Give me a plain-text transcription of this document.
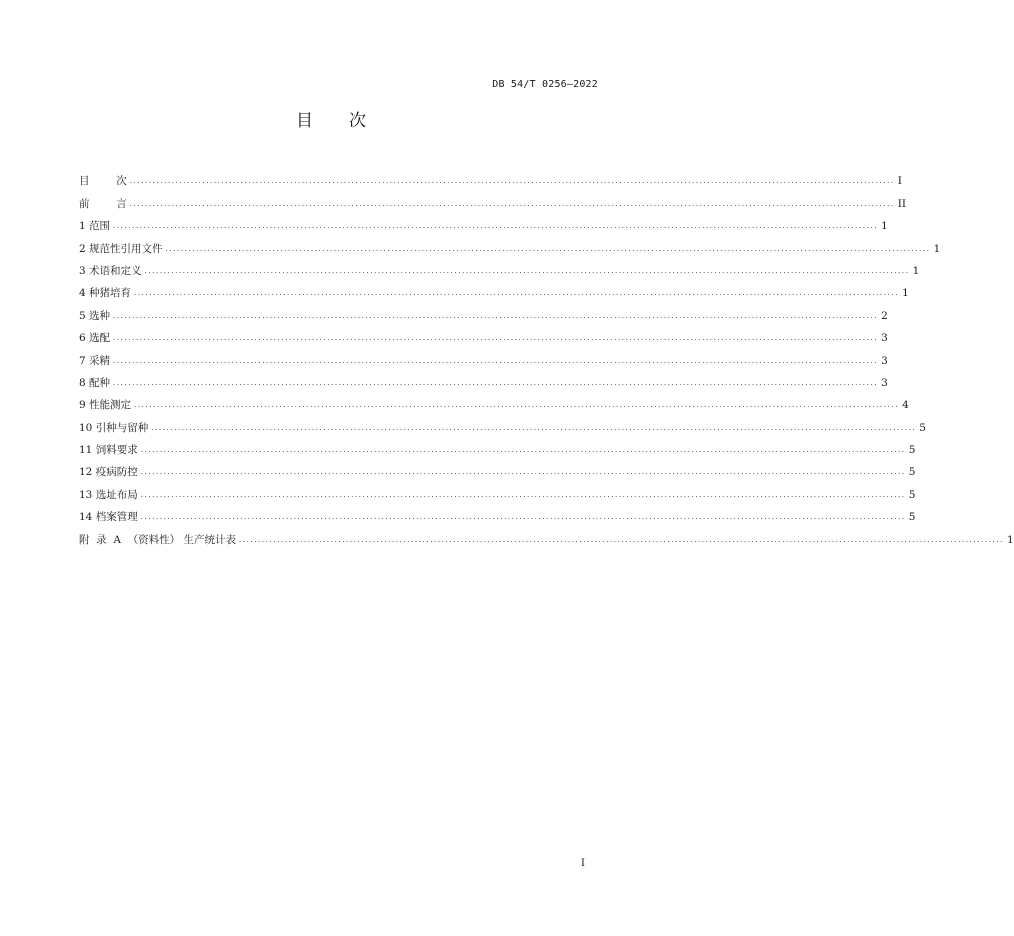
DB 54/T 0256—2022
目次
目        次 ........................................................................................................................................................................................................ I
前        言 ........................................................................................................................................................................................................ II
1 范围 ........................................................................................................................................................................................................ 1
2 规范性引用文件 ........................................................................................................................................................................................................ 1
3 术语和定义 ........................................................................................................................................................................................................ 1
4 种猪培育 ........................................................................................................................................................................................................ 1
5 选种 ........................................................................................................................................................................................................ 2
6 选配 ........................................................................................................................................................................................................ 3
7 采精 ........................................................................................................................................................................................................ 3
8 配种 ........................................................................................................................................................................................................ 3
9 性能测定 ........................................................................................................................................................................................................ 4
10 引种与留种 ........................................................................................................................................................................................................ 5
11 饲料要求 ........................................................................................................................................................................................................ 5
12 疫病防控 ........................................................................................................................................................................................................ 5
13 选址布局 ........................................................................................................................................................................................................ 5
14 档案管理 ........................................................................................................................................................................................................ 5
附  录  A  （资料性） 生产统计表 ........................................................................................................................................................................................................ 1
I
